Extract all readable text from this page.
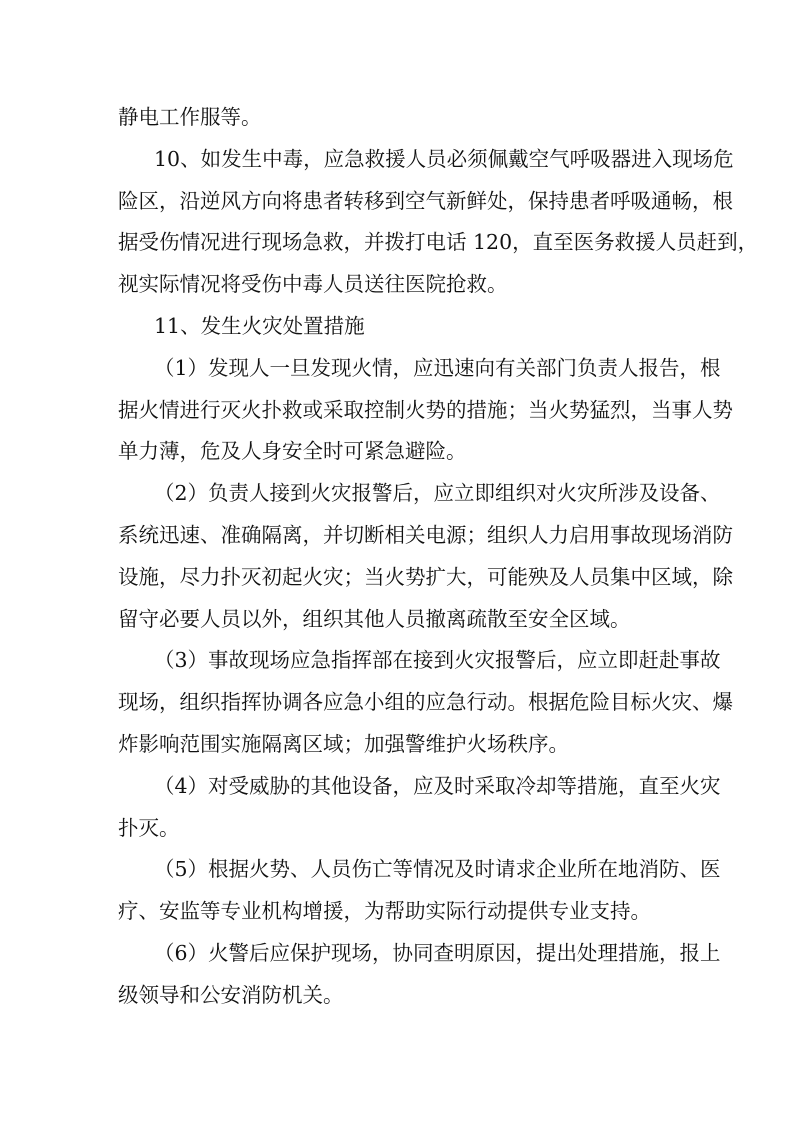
静电工作服等。
10、如发生中毒，应急救援人员必须佩戴空气呼吸器进入现场危
险区，沿逆风方向将患者转移到空气新鲜处，保持患者呼吸通畅，根
据受伤情况进行现场急救，并拨打电话 120，直至医务救援人员赶到，
视实际情况将受伤中毒人员送往医院抢救。
11、发生火灾处置措施
（1）发现人一旦发现火情，应迅速向有关部门负责人报告，根
据火情进行灭火扑救或采取控制火势的措施；当火势猛烈，当事人势
单力薄，危及人身安全时可紧急避险。
（2）负责人接到火灾报警后，应立即组织对火灾所涉及设备、
系统迅速、准确隔离，并切断相关电源；组织人力启用事故现场消防
设施，尽力扑灭初起火灾；当火势扩大，可能殃及人员集中区域，除
留守必要人员以外，组织其他人员撤离疏散至安全区域。
（3）事故现场应急指挥部在接到火灾报警后，应立即赶赴事故
现场，组织指挥协调各应急小组的应急行动。根据危险目标火灾、爆
炸影响范围实施隔离区域；加强警维护火场秩序。
（4）对受威胁的其他设备，应及时采取冷却等措施，直至火灾
扑灭。
（5）根据火势、人员伤亡等情况及时请求企业所在地消防、医
疗、安监等专业机构增援，为帮助实际行动提供专业支持。
（6）火警后应保护现场，协同查明原因，提出处理措施，报上
级领导和公安消防机关。
